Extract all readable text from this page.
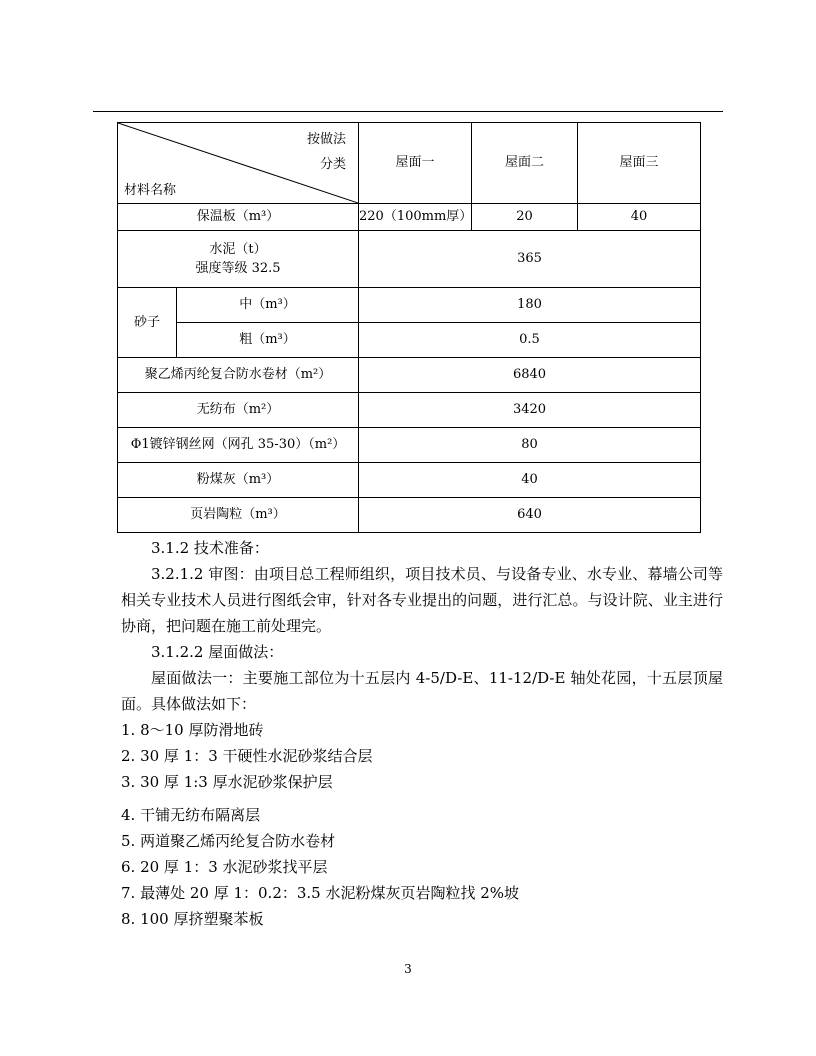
按做法
分类
材料名称		屋面一	屋面二	屋面三
保温板（m³）		220（100mm厚）	20	40

水泥（t）
强度等级 32.5		365		
砂子	中（m³）	180		
	粗（m³）	0.5		
聚乙烯丙纶复合防水卷材（m²）		6840		
无纺布（m²）		3420		
Φ1镀锌钢丝网（网孔 35-30）（m²）		80		
粉煤灰（m³）		40		
页岩陶粒（m³）		640		

3.1.2 技术准备：

3.2.1.2 审图：由项目总工程师组织，项目技术员、与设备专业、水专业、幕墙公司等相关专业技术人员进行图纸会审，针对各专业提出的问题，进行汇总。与设计院、业主进行协商，把问题在施工前处理完。

3.1.2.2 屋面做法：

屋面做法一：主要施工部位为十五层内 4-5/D-E、11-12/D-E 轴处花园，十五层顶屋面。具体做法如下：

1. 8～10 厚防滑地砖

2. 30 厚 1：3 干硬性水泥砂浆结合层

3. 30 厚 1:3 厚水泥砂浆保护层

4. 干铺无纺布隔离层

5. 两道聚乙烯丙纶复合防水卷材

6. 20 厚 1：3 水泥砂浆找平层

7. 最薄处 20 厚 1：0.2：3.5 水泥粉煤灰页岩陶粒找 2%坡

8. 100 厚挤塑聚苯板

3
